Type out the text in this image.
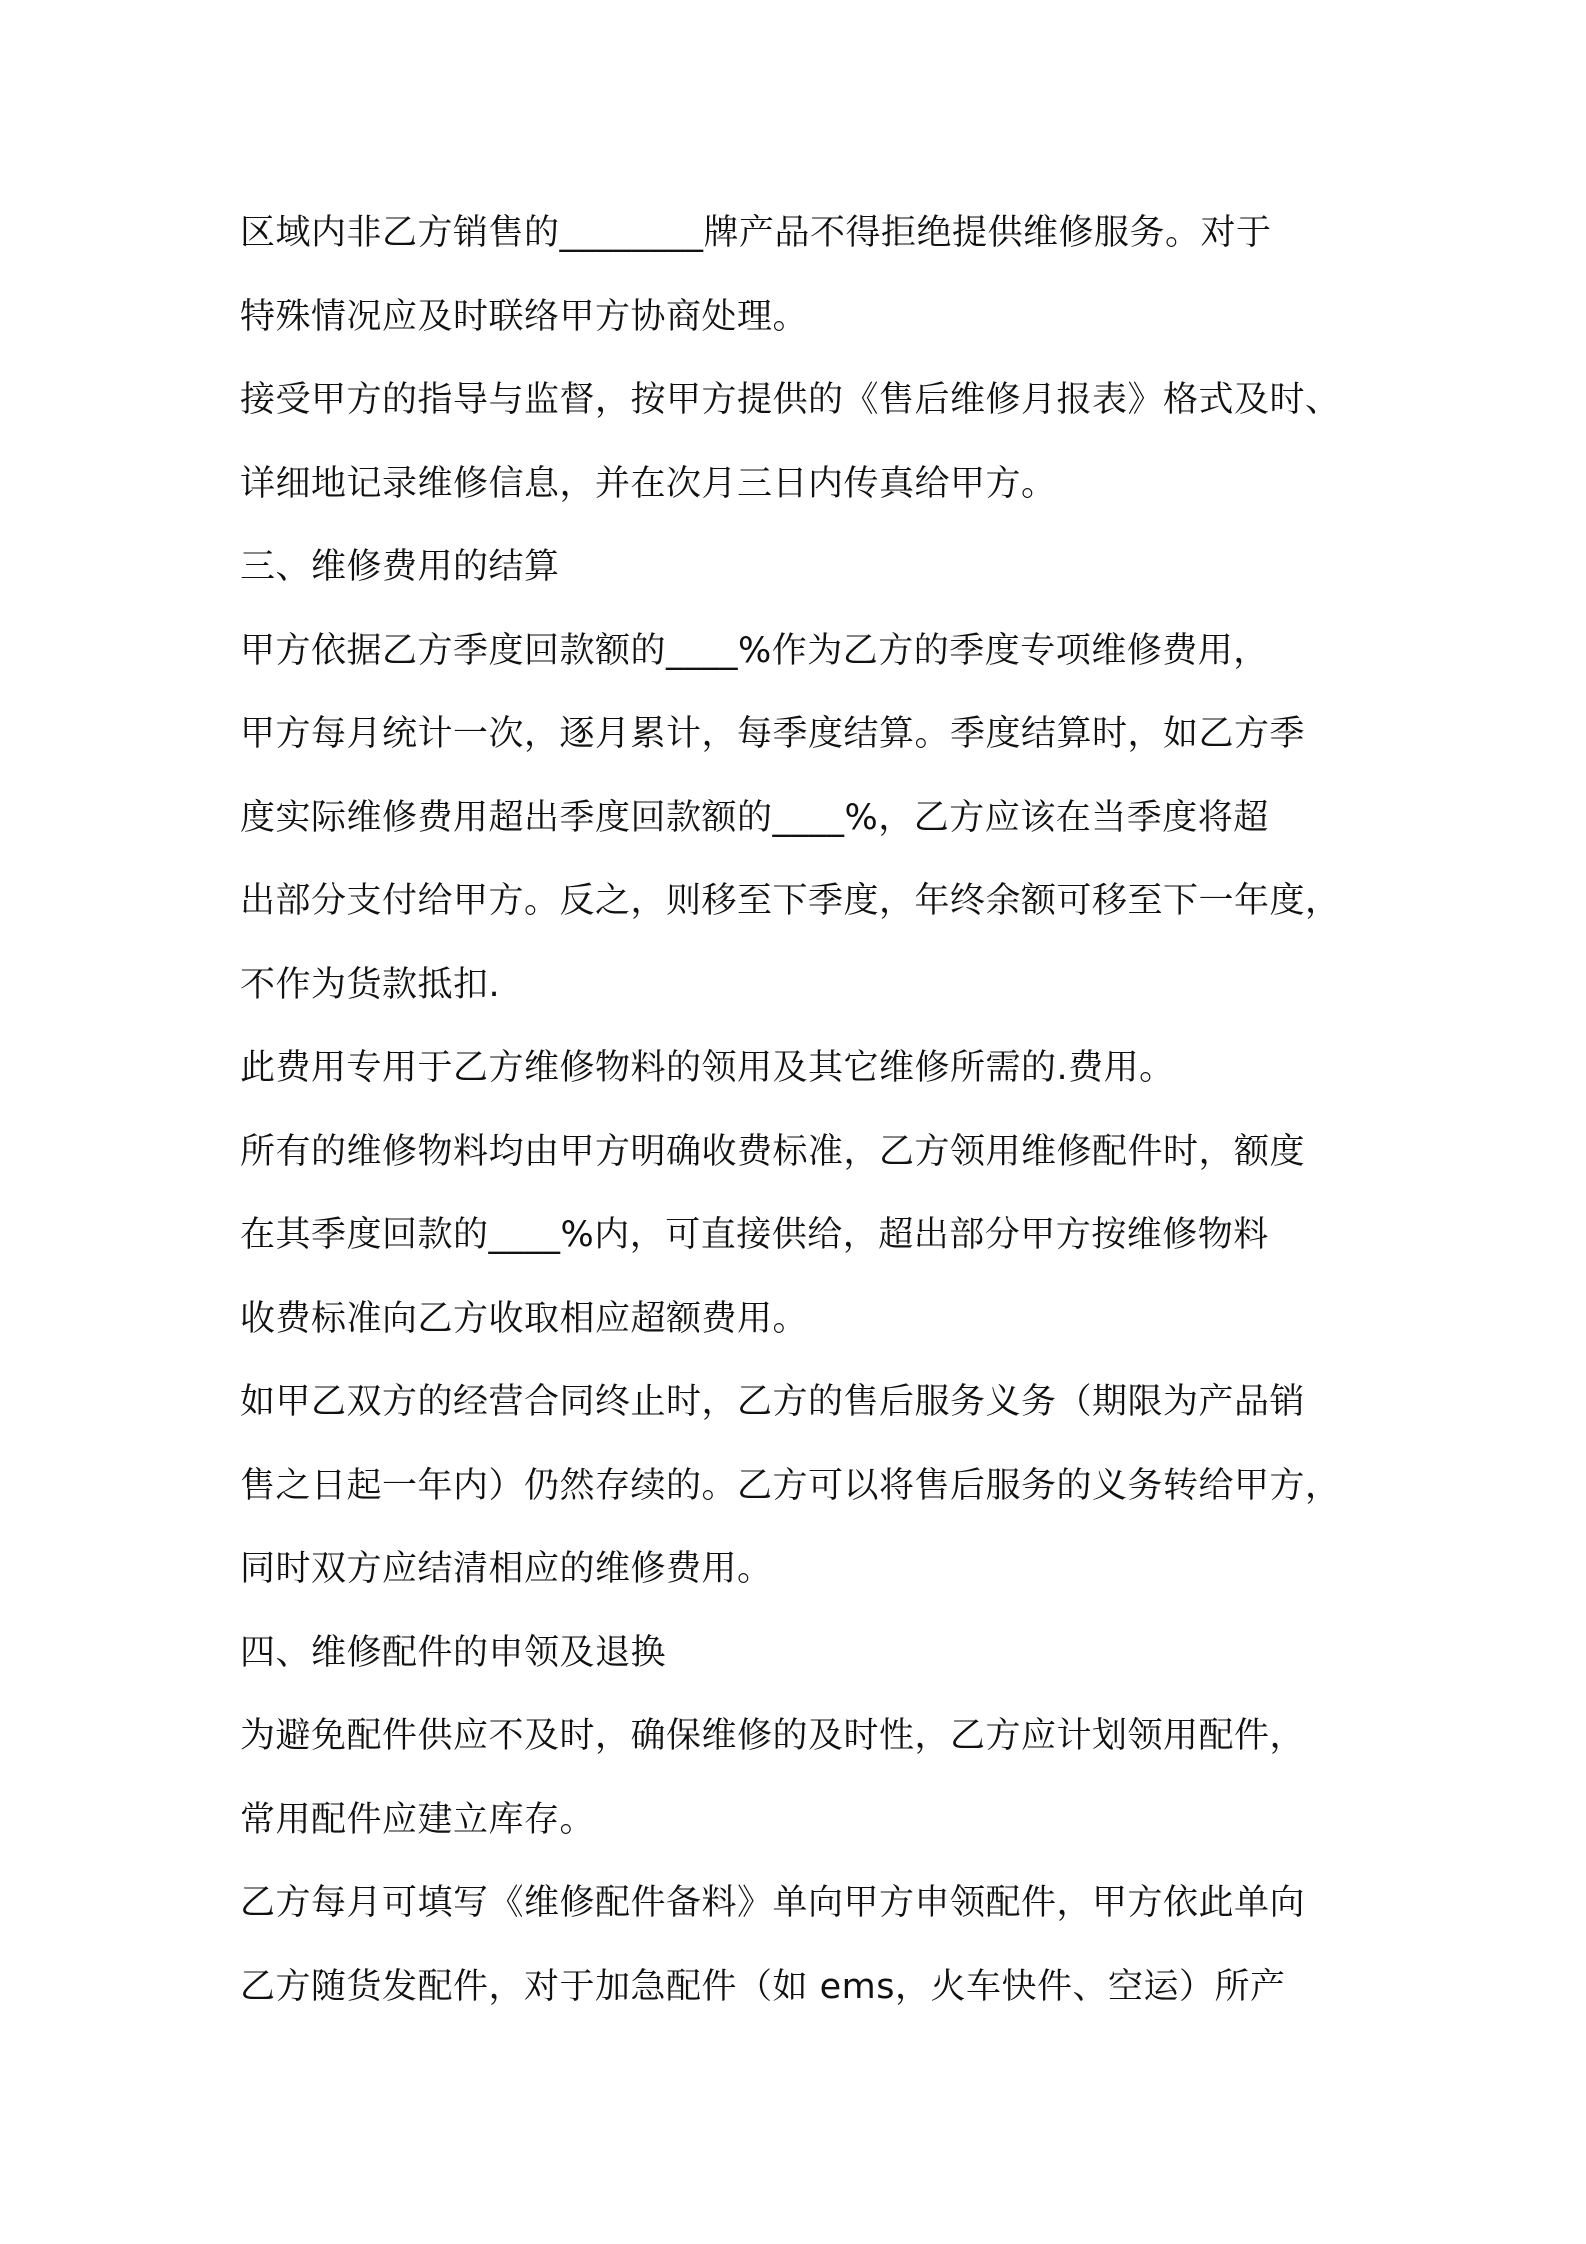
区域内非乙方销售的________牌产品不得拒绝提供维修服务。对于
特殊情况应及时联络甲方协商处理。
接受甲方的指导与监督，按甲方提供的《售后维修月报表》格式及时、
详细地记录维修信息，并在次月三日内传真给甲方。
三、维修费用的结算
甲方依据乙方季度回款额的____%作为乙方的季度专项维修费用，
甲方每月统计一次，逐月累计，每季度结算。季度结算时，如乙方季
度实际维修费用超出季度回款额的____%，乙方应该在当季度将超
出部分支付给甲方。反之，则移至下季度，年终余额可移至下一年度，
不作为货款抵扣.
此费用专用于乙方维修物料的领用及其它维修所需的.费用。
所有的维修物料均由甲方明确收费标准，乙方领用维修配件时，额度
在其季度回款的____%内，可直接供给，超出部分甲方按维修物料
收费标准向乙方收取相应超额费用。
如甲乙双方的经营合同终止时，乙方的售后服务义务（期限为产品销
售之日起一年内）仍然存续的。乙方可以将售后服务的义务转给甲方，
同时双方应结清相应的维修费用。
四、维修配件的申领及退换
为避免配件供应不及时，确保维修的及时性，乙方应计划领用配件，
常用配件应建立库存。
乙方每月可填写《维修配件备料》单向甲方申领配件，甲方依此单向
乙方随货发配件，对于加急配件（如 ems，火车快件、空运）所产
